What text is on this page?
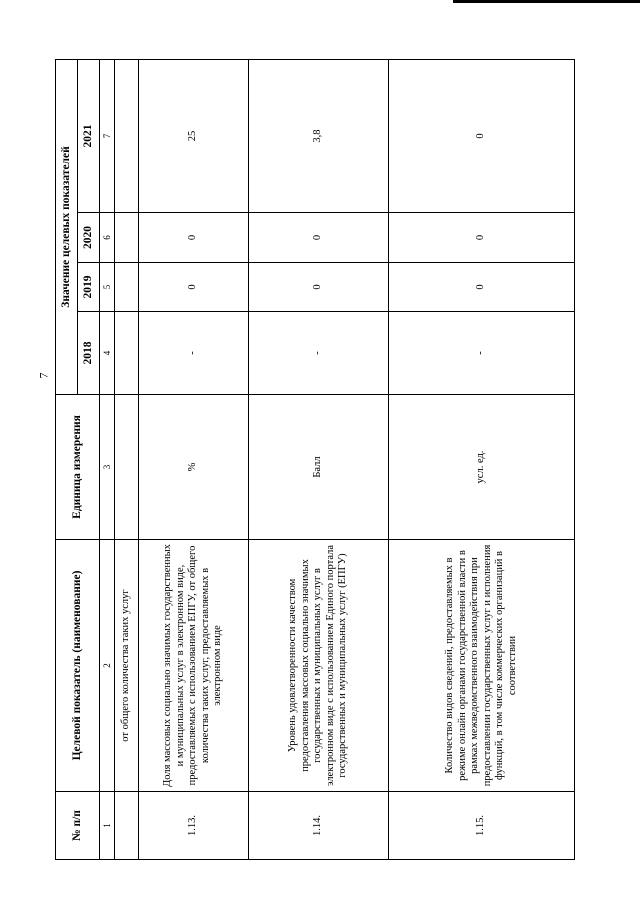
7
№ п/п	Целевой показатель (наименование)	Единица измерения	Значение целевых показателей			
			2018	2019	2020	2021
1	2	3	4	5	6	7
	от общего количества таких услуг					
1.13.	Доля массовых социально значимых государственных и муниципальных услуг в электронном виде, предоставляемых с использованием ЕПГУ, от общего количества таких услуг, предоставляемых в электронном виде	%	-	0	0	25
1.14.	Уровень удовлетворенности качеством предоставления массовых социально значимых государственных и муниципальных услуг в электронном виде с использованием Единого портала государственных и муниципальных услуг (ЕПГУ)	Балл	-	0	0	3,8
1.15.	Количество видов сведений, предоставляемых в режиме онлайн органами государственной власти в рамках межведомственного взаимодействия при предоставлении государственных услуг и исполнения функций, в том числе коммерческих организаций в соответствии	усл. ед.	-	0	0	0
